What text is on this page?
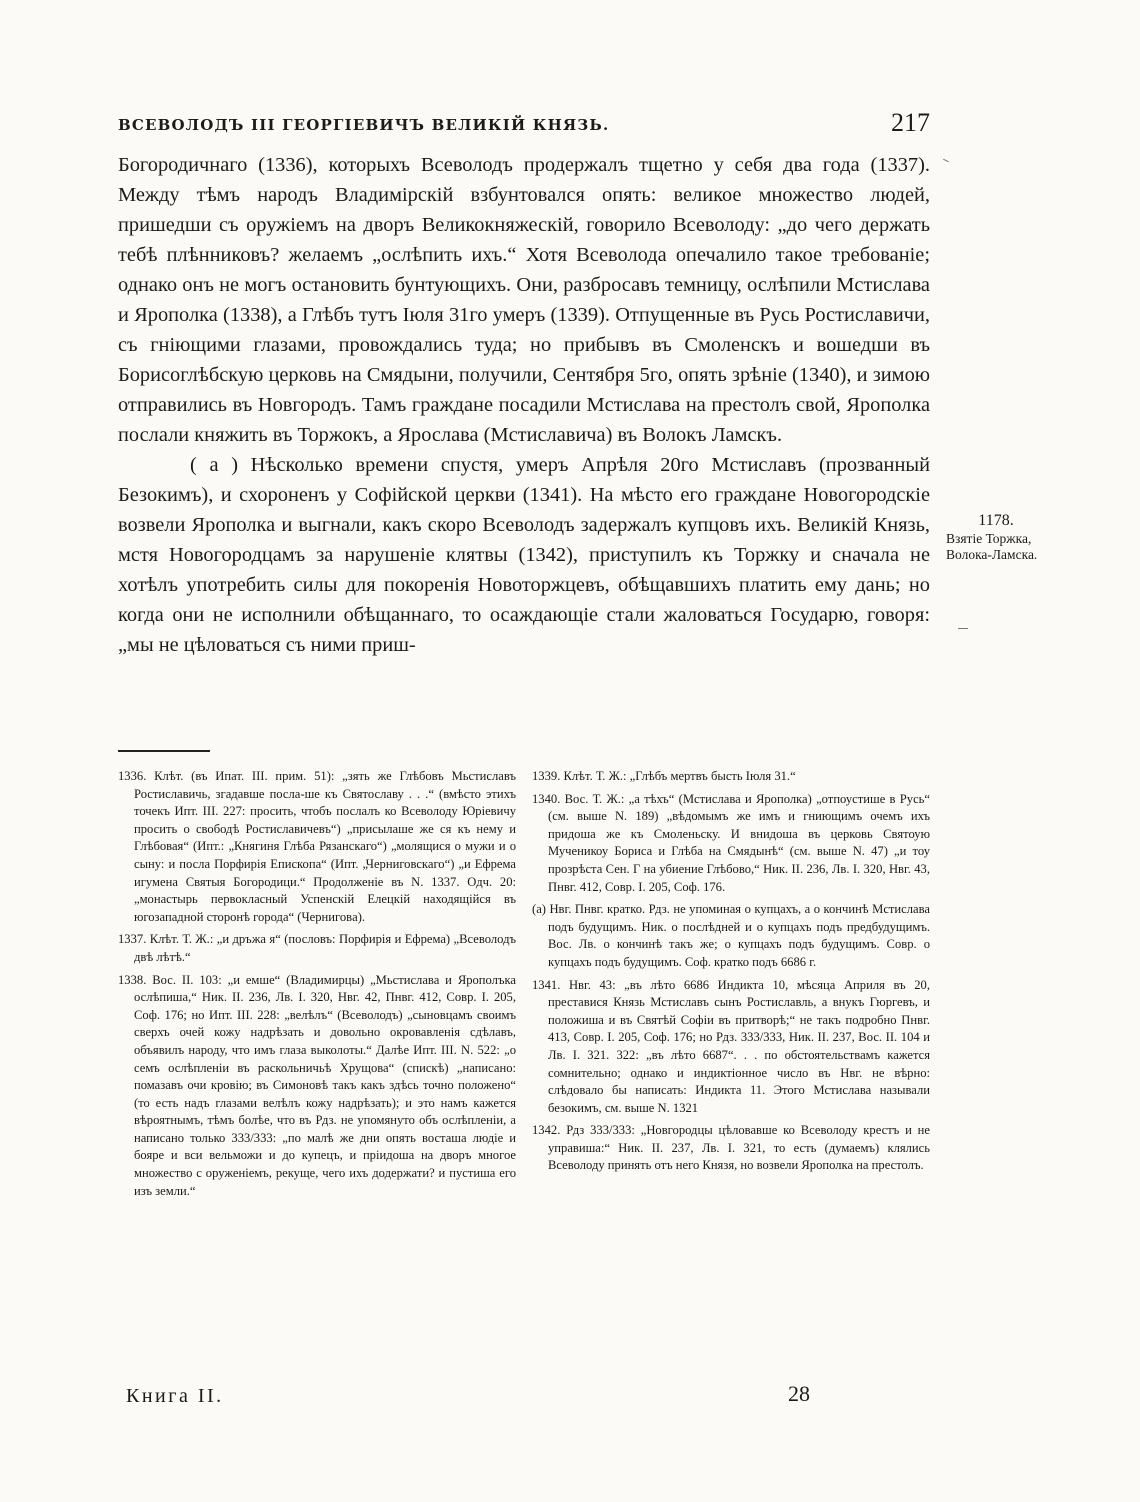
ВСЕВОЛОДЪ III ГЕОРГІЕВИЧЪ ВЕЛИКІЙ КНЯЗЬ.	217

Богородичнаго (1336), которыхъ Всеволодъ продержалъ тщетно у себя два года (1337). Между тѣмъ народъ Владимірскій взбунтовался опять: великое множество людей, пришедши съ оружіемъ на дворъ Великокняжескій, говорило Всеволоду: „до чего держать тебѣ плѣнниковъ? желаемъ „ослѣпить ихъ.“ Хотя Всеволода опечалило такое требованіе; однако онъ не могъ остановить бунтующихъ. Они, разбросавъ темницу, ослѣпили Мстислава и Ярополка (1338), а Глѣбъ тутъ Іюля 31го умеръ (1339). Отпущенные въ Русь Ростиславичи, съ гніющими глазами, провождались туда; но прибывъ въ Смоленскъ и вошедши въ Борисоглѣбскую церковь на Смядыни, получили, Сентября 5го, опять зрѣніе (1340), и зимою отправились въ Новгородъ. Тамъ граждане посадили Мстислава на престолъ свой, Ярополка послали княжить въ Торжокъ, а Ярослава (Мстиславича) въ Волокъ Ламскъ.

( а ) Нѣсколько времени спустя, умеръ Апрѣля 20го Мстиславъ (прозванный Безокимъ), и схороненъ у Софійской церкви (1341). На мѣсто его граждане Новогородскіе возвели Ярополка и выгнали, какъ скоро Всеволодъ задержалъ купцовъ ихъ. Великій Князь, мстя Новогородцамъ за нарушеніе клятвы (1342), приступилъ къ Торжку и сначала не хотѣлъ употребить силы для покоренія Новоторжцевъ, обѣщавшихъ платить ему дань; но когда они не исполнили обѣщаннаго, то осаждающіе стали жаловаться Государю, говоря: „мы не цѣловаться съ ними приш-

1178.
Взятіе Торжка, Волока-Ламска.

1336. Клѣт. (въ Ипат. III. прим. 51): „зять же Глѣбовъ Мьстиславъ Ростиславичь, згадавше посла-ше къ Святославу . . .“ (вмѣсто этихъ точекъ Ипт. III. 227: просить, чтобъ послалъ ко Всеволоду Юріевичу просить о свободѣ Ростиславичевъ“) „присылаше же ся къ нему и Глѣбовая“ (Ипт.: „Княгиня Глѣба Рязанскаго“) „молящися о мужи и о сыну: и посла Порфирія Епископа“ (Ипт. „Черниговскаго“) „и Ефрема игумена Святыя Богородици.“ Продолженіе въ N. 1337. Одч. 20: „монастырь первокласный Успенскій Елецкій находящійся въ югозападной сторонѣ города“ (Черниговa).

1337. Клѣт. Т. Ж.: „и дръжа я“ (пословъ: Порфирія и Ефрема) „Всеволодъ двѣ лѣтѣ.“

1338. Вос. II. 103: „и емше“ (Владимирцы) „Мьстислава и Ярополъка ослѣпиша,“ Ник. II. 236, Лв. I. 320, Нвг. 42, Пнвг. 412, Совр. I. 205, Соф. 176; но Ипт. III. 228: „велѣлъ“ (Всеволодъ) „сыновцамъ своимъ сверхъ очей кожу надрѣзать и довольно окровавленія сдѣлавъ, объявилъ народу, что имъ глаза выколоты.“ Далѣе Ипт. III. N. 522: „о семъ ослѣпленіи въ раскольничьѣ Хрущова“ (спискѣ) „написано: помазавъ очи кровію; въ Симоновѣ такъ какъ здѣсь точно положено“ (то есть надъ глазами велѣлъ кожу надрѣзать); и это намъ кажется вѣроятнымъ, тѣмъ болѣе, что въ Рдз. не упомянуто объ ослѣпленіи, а написано только 333/333: „по малѣ же дни опять восташа людіе и бояре и вси вельможи и до купецъ, и пріидоша на дворъ многое множество с оруженіемъ, рекуще, чего ихъ додержати? и пустиша его изъ земли.“

1339. Клѣт. Т. Ж.: „Глѣбъ мертвъ бысть Іюля 31.“

1340. Вос. Т. Ж.: „а тѣхъ“ (Мстислава и Ярополка) „отпоустише в Русь“ (см. выше N. 189) „вѣдомымъ же имъ и гниющимъ очемъ ихъ придоша же къ Смоленьску. И внидоша въ церковь Святоую Мученикоу Бориса и Глѣба на Смядынѣ“ (см. выше N. 47) „и тоу прозрѣста Сен. Г на убиение Глѣбово,“ Ник. II. 236, Лв. I. 320, Нвг. 43, Пнвг. 412, Совр. I. 205, Соф. 176.

(а) Нвг. Пнвг. кратко. Рдз. не упоминая о купцахъ, а о кончинѣ Мстислава подъ будущимъ. Ник. о послѣдней и о купцахъ подъ предбудущимъ. Вос. Лв. о кончинѣ такъ же; о купцахъ подъ будущимъ. Совр. о купцахъ подъ будущимъ. Соф. кратко подъ 6686 г.

1341. Нвг. 43: „въ лѣто 6686 Индикта 10, мѣсяца Априля въ 20, преставися Князь Мстиславъ сынъ Ростиславль, а внукъ Гюргевъ, и положиша и въ Святѣй Софіи въ притворѣ;“ не такъ подробно Пнвг. 413, Совр. I. 205, Соф. 176; но Рдз. 333/333, Ник. II. 237, Вос. II. 104 и Лв. I. 321. 322: „въ лѣто 6687“. . . по обстоятельствамъ кажется сомнительно; однако и индиктіонное число въ Нвг. не вѣрно: слѣдовало бы написать: Индикта 11. Этого Мстислава называли безокимъ, см. выше N. 1321

1342. Рдз 333/333: „Новгородцы цѣловавше ко Всеволоду крестъ и не управиша:“ Ник. II. 237, Лв. I. 321, то есть (думаемъ) клялись Всеволоду принять отъ него Князя, но возвели Ярополка на престолъ.

Книга II.	28
